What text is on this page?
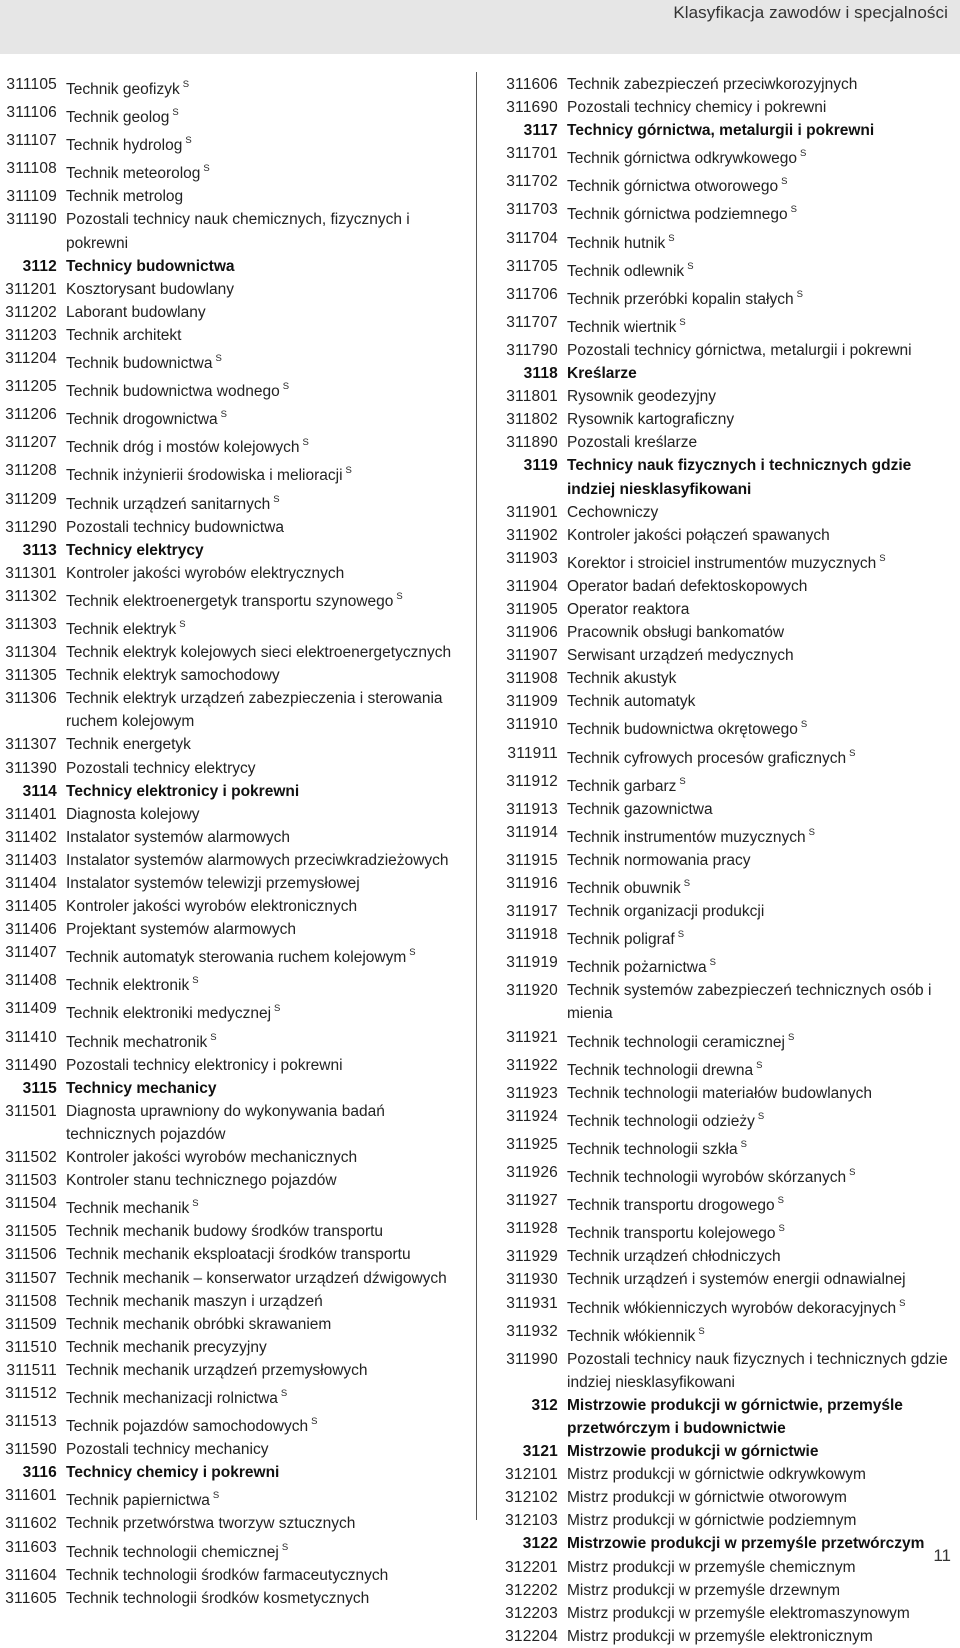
Klasyfikacja zawodów i specjalności
311105 Technik geofizyk $^S$
311106 Technik geolog $^S$
311107 Technik hydrolog $^S$
311108 Technik meteorolog $^S$
311109 Technik metrolog
311190 Pozostali technicy nauk chemicznych, fizycznych i pokrewni
3112 Technicy budownictwa
311201 Kosztorysant budowlany
311202 Laborant budowlany
311203 Technik architekt
311204 Technik budownictwa $^S$
311205 Technik budownictwa wodnego $^S$
311206 Technik drogownictwa $^S$
311207 Technik dróg i mostów kolejowych $^S$
311208 Technik inżynierii środowiska i melioracji $^S$
311209 Technik urządzeń sanitarnych $^S$
311290 Pozostali technicy budownictwa
3113 Technicy elektrycy
311301 Kontroler jakości wyrobów elektrycznych
311302 Technik elektroenergetyk transportu szynowego $^S$
311303 Technik elektryk $^S$
311304 Technik elektryk kolejowych sieci elektroenergetycznych
311305 Technik elektryk samochodowy
311306 Technik elektryk urządzeń zabezpieczenia i sterowania ruchem kolejowym
311307 Technik energetyk
311390 Pozostali technicy elektrycy
3114 Technicy elektronicy i pokrewni
311401 Diagnosta kolejowy
311402 Instalator systemów alarmowych
311403 Instalator systemów alarmowych przeciwkradzieżowych
311404 Instalator systemów telewizji przemysłowej
311405 Kontroler jakości wyrobów elektronicznych
311406 Projektant systemów alarmowych
311407 Technik automatyk sterowania ruchem kolejowym $^S$
311408 Technik elektronik $^S$
311409 Technik elektroniki medycznej $^S$
311410 Technik mechatronik $^S$
311490 Pozostali technicy elektronicy i pokrewni
3115 Technicy mechanicy
311501 Diagnosta uprawniony do wykonywania badań technicznych pojazdów
311502 Kontroler jakości wyrobów mechanicznych
311503 Kontroler stanu technicznego pojazdów
311504 Technik mechanik $^S$
311505 Technik mechanik budowy środków transportu
311506 Technik mechanik eksploatacji środków transportu
311507 Technik mechanik – konserwator urządzeń dźwigowych
311508 Technik mechanik maszyn i urządzeń
311509 Technik mechanik obróbki skrawaniem
311510 Technik mechanik precyzyjny
311511 Technik mechanik urządzeń przemysłowych
311512 Technik mechanizacji rolnictwa $^S$
311513 Technik pojazdów samochodowych $^S$
311590 Pozostali technicy mechanicy
3116 Technicy chemicy i pokrewni
311601 Technik papiernictwa $^S$
311602 Technik przetwórstwa tworzyw sztucznych
311603 Technik technologii chemicznej $^S$
311604 Technik technologii środków farmaceutycznych
311605 Technik technologii środków kosmetycznych
311606 Technik zabezpieczeń przeciwkorozyjnych
311690 Pozostali technicy chemicy i pokrewni
3117 Technicy górnictwa, metalurgii i pokrewni
311701 Technik górnictwa odkrywkowego $^S$
311702 Technik górnictwa otworowego $^S$
311703 Technik górnictwa podziemnego $^S$
311704 Technik hutnik $^S$
311705 Technik odlewnik $^S$
311706 Technik przeróbki kopalin stałych $^S$
311707 Technik wiertnik $^S$
311790 Pozostali technicy górnictwa, metalurgii i pokrewni
3118 Kreślarze
311801 Rysownik geodezyjny
311802 Rysownik kartograficzny
311890 Pozostali kreślarze
3119 Technicy nauk fizycznych i technicznych gdzie indziej niesklasyfikowani
311901 Cechowniczy
311902 Kontroler jakości połączeń spawanych
311903 Korektor i stroiciel instrumentów muzycznych $^S$
311904 Operator badań defektoskopowych
311905 Operator reaktora
311906 Pracownik obsługi bankomatów
311907 Serwisant urządzeń medycznych
311908 Technik akustyk
311909 Technik automatyk
311910 Technik budownictwa okrętowego $^S$
311911 Technik cyfrowych procesów graficznych $^S$
311912 Technik garbarz $^S$
311913 Technik gazownictwa
311914 Technik instrumentów muzycznych $^S$
311915 Technik normowania pracy
311916 Technik obuwnik $^S$
311917 Technik organizacji produkcji
311918 Technik poligraf $^S$
311919 Technik pożarnictwa $^S$
311920 Technik systemów zabezpieczeń technicznych osób i mienia
311921 Technik technologii ceramicznej $^S$
311922 Technik technologii drewna $^S$
311923 Technik technologii materiałów budowlanych
311924 Technik technologii odzieży $^S$
311925 Technik technologii szkła $^S$
311926 Technik technologii wyrobów skórzanych $^S$
311927 Technik transportu drogowego $^S$
311928 Technik transportu kolejowego $^S$
311929 Technik urządzeń chłodniczych
311930 Technik urządzeń i systemów energii odnawialnej
311931 Technik włókienniczych wyrobów dekoracyjnych $^S$
311932 Technik włókiennik $^S$
311990 Pozostali technicy nauk fizycznych i technicznych gdzie indziej niesklasyfikowani
312 Mistrzowie produkcji w górnictwie, przemyśle przetwórczym i budownictwie
3121 Mistrzowie produkcji w górnictwie
312101 Mistrz produkcji w górnictwie odkrywkowym
312102 Mistrz produkcji w górnictwie otworowym
312103 Mistrz produkcji w górnictwie podziemnym
3122 Mistrzowie produkcji w przemyśle przetwórczym
312201 Mistrz produkcji w przemyśle chemicznym
312202 Mistrz produkcji w przemyśle drzewnym
312203 Mistrz produkcji w przemyśle elektromaszynowym
312204 Mistrz produkcji w przemyśle elektronicznym
11
